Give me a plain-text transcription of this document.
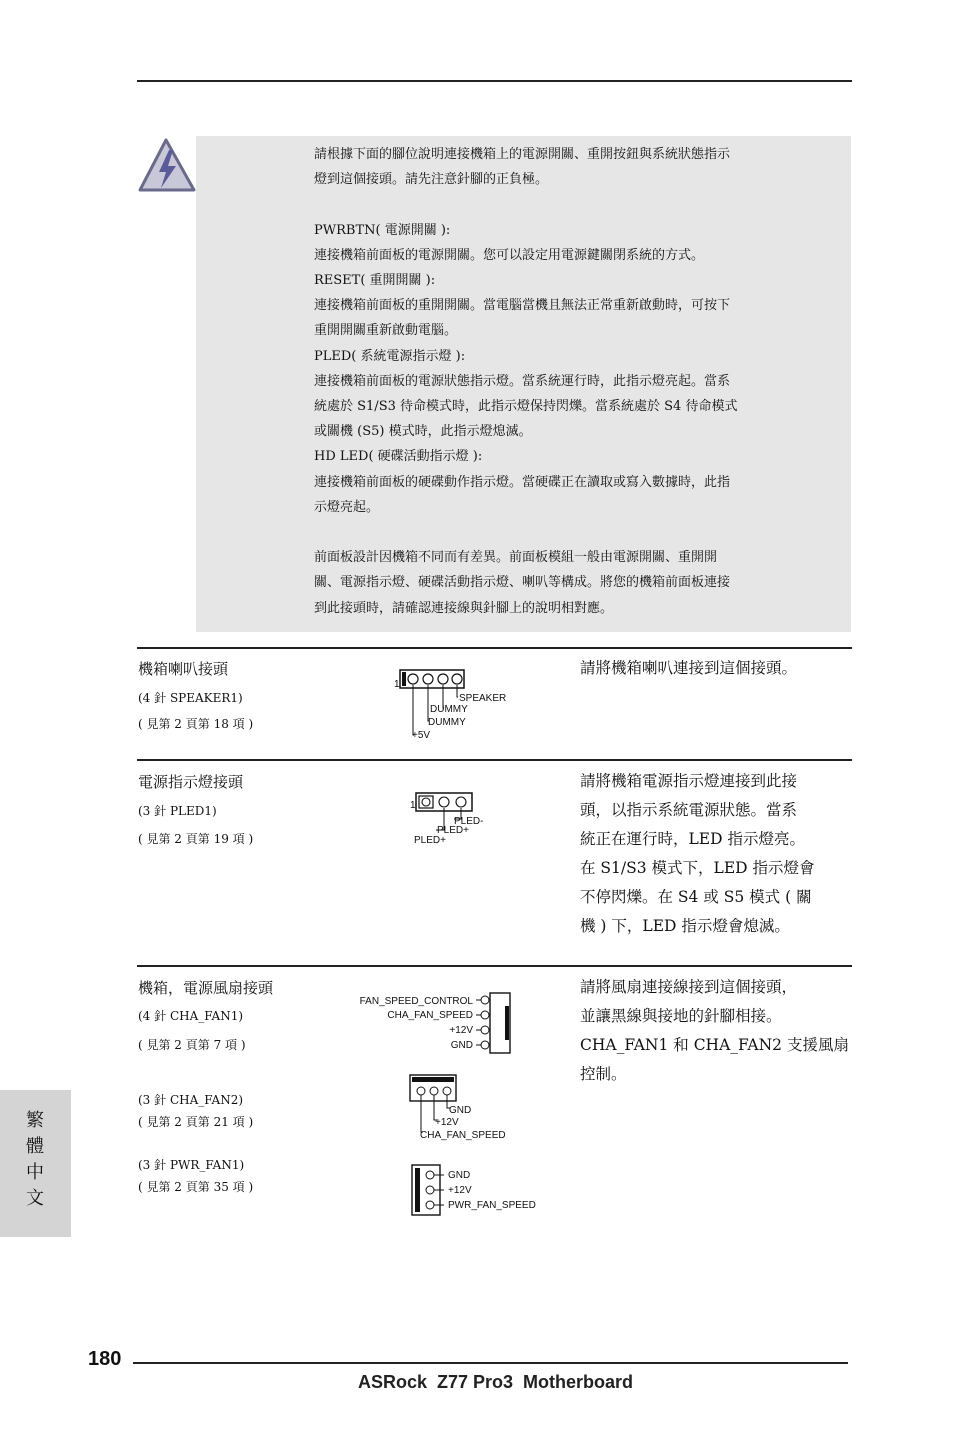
請根據下面的腳位說明連接機箱上的電源開關、重開按鈕與系統狀態指示

燈到這個接頭。請先注意針腳的正負極。

PWRBTN( 電源開關 ):

連接機箱前面板的電源開關。您可以設定用電源鍵關閉系統的方式。

RESET( 重開開關 ):

連接機箱前面板的重開開關。當電腦當機且無法正常重新啟動時，可按下

重開開關重新啟動電腦。

PLED( 系統電源指示燈 ):

連接機箱前面板的電源狀態指示燈。當系統運行時，此指示燈亮起。當系

統處於 S1/S3 待命模式時，此指示燈保持閃爍。當系統處於 S4 待命模式

或關機 (S5) 模式時，此指示燈熄滅。

HD LED( 硬碟活動指示燈 ):

連接機箱前面板的硬碟動作指示燈。當硬碟正在讀取或寫入數據時，此指

示燈亮起。

前面板設計因機箱不同而有差異。前面板模組一般由電源開關、重開開

關、電源指示燈、硬碟活動指示燈、喇叭等構成。將您的機箱前面板連接

到此接頭時，請確認連接線與針腳上的說明相對應。

機箱喇叭接頭
(4 針 SPEAKER1)
( 見第 2 頁第 18 項 )
請將機箱喇叭連接到這個接頭。
1
SPEAKER
DUMMY
DUMMY
+5V
電源指示燈接頭
(3 針 PLED1)
( 見第 2 頁第 19 項 )

請將機箱電源指示燈連接到此接

頭，以指示系統電源狀態。當系

統正在運行時，LED 指示燈亮。

在 S1/S3 模式下，LED 指示燈會

不停閃爍。在 S4 或 S5 模式 ( 關

機 ) 下，LED 指示燈會熄滅。

1
PLED-
PLED+
PLED+
機箱，電源風扇接頭
(4 針 CHA_FAN1)
( 見第 2 頁第 7 項 )
(3 針 CHA_FAN2)
( 見第 2 頁第 21 項 )
(3 針 PWR_FAN1)
( 見第 2 頁第 35 項 )

請將風扇連接線接到這個接頭，

並讓黑線與接地的針腳相接。

CHA_FAN1 和 CHA_FAN2 支援風扇

控制。

FAN_SPEED_CONTROL
CHA_FAN_SPEED
+12V
GND
GND
+12V
CHA_FAN_SPEED
GND
+12V
PWR_FAN_SPEED
繁
體
中
文
180
ASRock  Z77 Pro3  Motherboard
